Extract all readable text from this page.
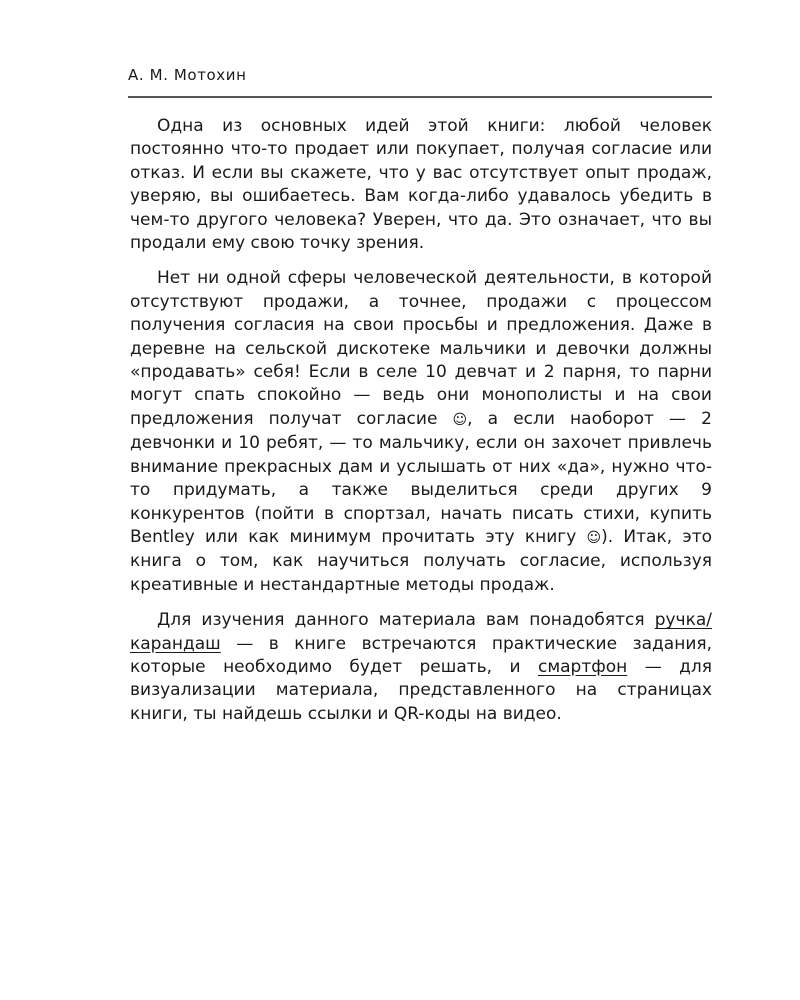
А. М. Мотохин

Одна из основных идей этой книги: любой человек постоянно что-то продает или покупает, получая согласие или отказ. И если вы скажете, что у вас отсутствует опыт продаж, уверяю, вы ошибаетесь. Вам когда-либо удавалось убедить в чем-то другого человека? Уверен, что да. Это означает, что вы продали ему свою точку зрения.

Нет ни одной сферы человеческой деятельности, в которой отсутствуют продажи, а точнее, продажи с процессом получения согласия на свои просьбы и предложения. Даже в деревне на сельской дискотеке мальчики и девочки должны «продавать» себя! Если в селе 10 девчат и 2 парня, то парни могут спать спокойно — ведь они монополисты и на свои предложения получат согласие ☺, а если наоборот — 2 девчонки и 10 ребят, — то мальчику, если он захочет привлечь внимание прекрасных дам и услышать от них «да», нужно что-то придумать, а также выделиться среди других 9 конкурентов (пойти в спортзал, начать писать стихи, купить Bentley или как минимум прочитать эту книгу ☺). Итак, это книга о том, как научиться получать согласие, используя креативные и нестандартные методы продаж.

Для изучения данного материала вам понадобятся ручка/карандаш — в книге встречаются практические задания, которые необходимо будет решать, и смартфон — для визуализации материала, представленного на страницах книги, ты найдешь ссылки и QR-коды на видео.
